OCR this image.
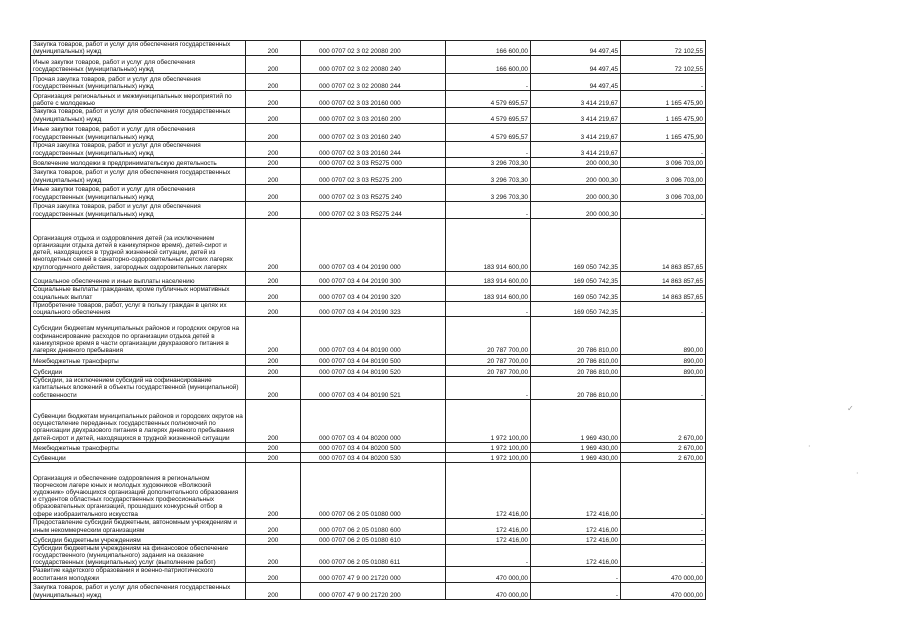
Закупка товаров, работ и услуг для обеспечения государственных (муниципальных) нужд	200	000 0707 02 3 02 20080 200	166 600,00	94 497,45	72 102,55
Иные закупки товаров, работ и услуг для обеспечения государственных (муниципальных) нужд	200	000 0707 02 3 02 20080 240	166 600,00	94 497,45	72 102,55
Прочая закупка товаров, работ и услуг для обеспечения государственных (муниципальных) нужд	200	000 0707 02 3 02 20080 244	-	94 497,45	-
Организация региональных и межмуниципальных мероприятий по работе с молодежью	200	000 0707 02 3 03 20160 000	4 579 695,57	3 414 219,67	1 165 475,90
Закупка товаров, работ и услуг для обеспечения государственных (муниципальных) нужд	200	000 0707 02 3 03 20160 200	4 579 695,57	3 414 219,67	1 165 475,90
Иные закупки товаров, работ и услуг для обеспечения государственных (муниципальных) нужд	200	000 0707 02 3 03 20160 240	4 579 695,57	3 414 219,67	1 165 475,90
Прочая закупка товаров, работ и услуг для обеспечения государственных (муниципальных) нужд	200	000 0707 02 3 03 20160 244	-	3 414 219,67	-
Вовлечение молодежи в предпринимательскую деятельность	200	000 0707 02 3 03 R5275 000	3 296 703,30	200 000,30	3 096 703,00
Закупка товаров, работ и услуг для обеспечения государственных (муниципальных) нужд	200	000 0707 02 3 03 R5275 200	3 296 703,30	200 000,30	3 096 703,00
Иные закупки товаров, работ и услуг для обеспечения государственных (муниципальных) нужд	200	000 0707 02 3 03 R5275 240	3 296 703,30	200 000,30	3 096 703,00
Прочая закупка товаров, работ и услуг для обеспечения государственных (муниципальных) нужд	200	000 0707 02 3 03 R5275 244	-	200 000,30	-
Организация отдыха и оздоровления детей (за исключением организации отдыха детей в каникулярное время), детей-сирот и детей, находящихся в трудной жизненной ситуации, детей из многодетных семей в санаторно-оздоровительных детских лагерях круглогодичного действия, загородных оздоровительных лагерях	200	000 0707 03 4 04 20190 000	183 914 600,00	169 050 742,35	14 863 857,65
Социальное обеспечение и иные выплаты населению	200	000 0707 03 4 04 20190 300	183 914 600,00	169 050 742,35	14 863 857,65
Социальные выплаты гражданам, кроме публичных нормативных социальных выплат	200	000 0707 03 4 04 20190 320	183 914 600,00	169 050 742,35	14 863 857,65
Приобретение товаров, работ, услуг в пользу граждан в целях их социального обеспечения	200	000 0707 03 4 04 20190 323	-	169 050 742,35	-
Субсидии бюджетам муниципальных районов и городских округов на софинансирование расходов по организации отдыха детей в каникулярное время в части организации двухразового питания в лагерях дневного пребывания	200	000 0707 03 4 04 80190 000	20 787 700,00	20 786 810,00	890,00
Межбюджетные трансферты	200	000 0707 03 4 04 80190 500	20 787 700,00	20 786 810,00	890,00
Субсидии	200	000 0707 03 4 04 80190 520	20 787 700,00	20 786 810,00	890,00
Субсидии, за исключением субсидий на софинансирование капитальных вложений в объекты государственной (муниципальной) собственности	200	000 0707 03 4 04 80190 521	-	20 786 810,00	-
Субвенции бюджетам муниципальных районов и городских округов на осуществление переданных государственных полномочий по организации двухразового питания в лагерях дневного пребывания детей-сирот и детей, находящихся в трудной жизненной ситуации	200	000 0707 03 4 04 80200 000	1 972 100,00	1 969 430,00	2 670,00
Межбюджетные трансферты	200	000 0707 03 4 04 80200 500	1 972 100,00	1 969 430,00	2 670,00
Субвенции	200	000 0707 03 4 04 80200 530	1 972 100,00	1 969 430,00	2 670,00
Организация и обеспечение оздоровления в региональном творческом лагере юных и молодых художников «Волжский художник» обучающихся организаций дополнительного образования и студентов областных государственных профессиональных образовательных организаций, прошедших конкурсный отбор в сфере изобразительного искусства	200	000 0707 06 2 05 01080 000	172 416,00	172 416,00	-
Предоставление субсидий бюджетным, автономным учреждениям и иным некоммерческим организациям	200	000 0707 06 2 05 01080 600	172 416,00	172 416,00	-
Субсидии бюджетным учреждениям	200	000 0707 06 2 05 01080 610	172 416,00	172 416,00	-
Субсидии бюджетным учреждениям на финансовое обеспечение государственного (муниципального) задания на оказание государственных (муниципальных) услуг (выполнение работ)	200	000 0707 06 2 05 01080 611	-	172 416,00	-
Развитие кадетского образования и военно-патриотического воспитания молодежи	200	000 0707 47 9 00 21720 000	470 000,00	-	470 000,00
Закупка товаров, работ и услуг для обеспечения государственных (муниципальных) нужд	200	000 0707 47 9 00 21720 200	470 000,00	-	470 000,00
✓
·
·
